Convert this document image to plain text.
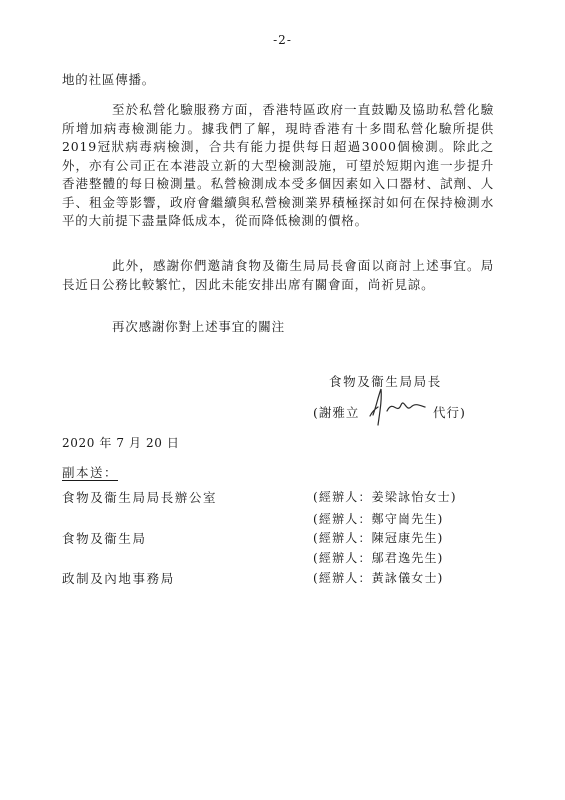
-2-

地的社區傳播。

至於私營化驗服務方面，香港特區政府一直鼓勵及協助私營化驗所增加病毒檢測能力。據我們了解，現時香港有十多間私營化驗所提供2019冠狀病毒病檢測，合共有能力提供每日超過3000個檢測。除此之外，亦有公司正在本港設立新的大型檢測設施，可望於短期內進一步提升香港整體的每日檢測量。私營檢測成本受多個因素如入口器材、試劑、人手、租金等影響，政府會繼續與私營檢測業界積極探討如何在保持檢測水平的大前提下盡量降低成本，從而降低檢測的價格。

此外，感謝你們邀請食物及衞生局局長會面以商討上述事宜。局長近日公務比較繁忙，因此未能安排出席有關會面，尚祈見諒。

再次感謝你對上述事宜的關注

食物及衞生局局長
(謝雅立	代行)
2020 年 7 月 20 日
副本送：
食物及衞生局局長辦公室	(經辦人：姜梁詠怡女士)
(經辦人：鄭守崗先生)
食物及衞生局	(經辦人：陳冠康先生)
(經辦人：鄔君逸先生)
政制及內地事務局	(經辦人：黃詠儀女士)
